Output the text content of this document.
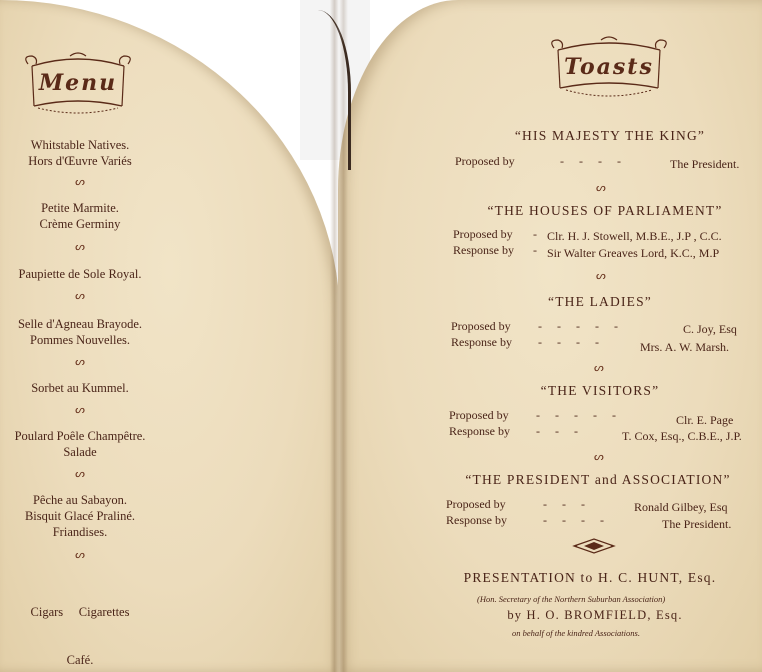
Menu
Whitstable Natives.
Hors d'Œuvre Variés
ᔕ
Petite Marmite.
Crème Germiny
ᔕ
Paupiette de Sole Royal.
ᔕ
Selle d'Agneau Brayode.
Pommes Nouvelles.
ᔕ
Sorbet au Kummel.
ᔕ
Poulard Poêle Champêtre.
Salade
ᔕ
Pêche au Sabayon.
Bisquit Glacé Praliné.
Friandises.
ᔕ

Cigars     Cigarettes

Café.

Toasts
“HIS MAJESTY THE KING”
Proposed by	-     -     -     -	The President.
ᔕ
“THE HOUSES OF PARLIAMENT”
Proposed by - Clr. H. J. Stowell, M.B.E., J.P , C.C.
Response by - Sir Walter Greaves Lord, K.C., M.P
ᔕ
“THE LADIES”
Proposed by -     -     -     -     -	C. Joy, Esq
Response by -     -     -     -	Mrs. A. W. Marsh.
ᔕ
“THE VISITORS”
Proposed by -     -     -     -     -	Clr. E. Page
Response by -     -     -	T. Cox, Esq., C.B.E., J.P.
ᔕ
“THE PRESIDENT and ASSOCIATION”
Proposed by	-     -     -	Ronald Gilbey, Esq
Response by	-     -     -     -	The President.
PRESENTATION to H. C. HUNT, Esq.
(Hon. Secretary of the Northern Suburban Association)
by H. O. BROMFIELD, Esq.
on behalf of the kindred Associations.
